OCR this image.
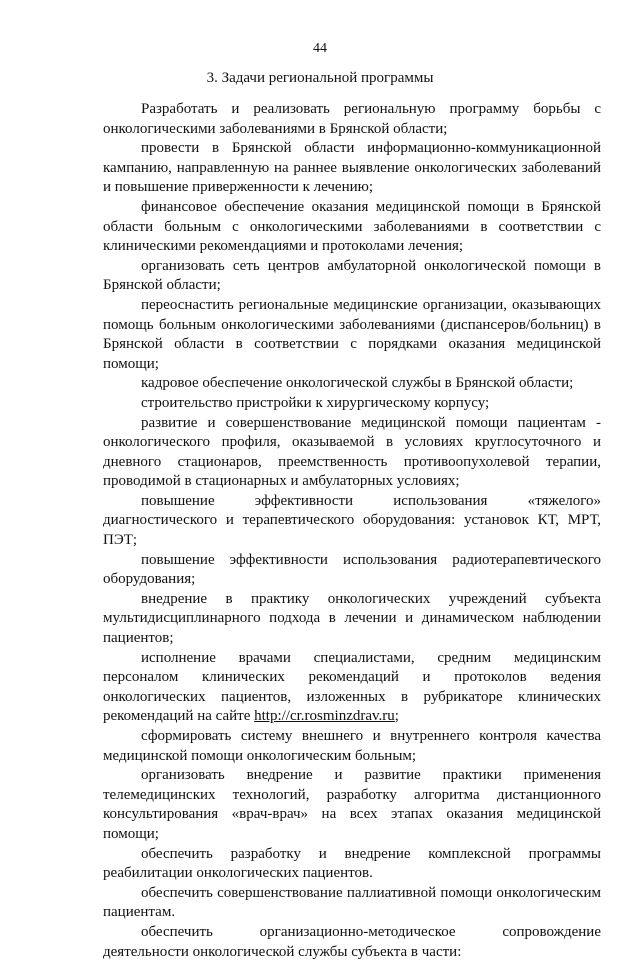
44
3. Задачи региональной программы

Разработать и реализовать региональную программу борьбы с онкологическими заболеваниями в Брянской области;

провести в Брянской области информационно-коммуникационной кампанию, направленную на раннее выявление онкологических заболеваний и повышение приверженности к лечению;

финансовое обеспечение оказания медицинской помощи в Брянской области больным с онкологическими заболеваниями в соответствии с клиническими рекомендациями и протоколами лечения;

организовать сеть центров амбулаторной онкологической помощи в Брянской области;

переоснастить региональные медицинские организации, оказывающих помощь больным онкологическими заболеваниями (диспансеров/больниц) в Брянской области в соответствии с порядками оказания медицинской помощи;

кадровое обеспечение онкологической службы в Брянской области;

строительство пристройки к хирургическому корпусу;

развитие и совершенствование медицинской помощи пациентам - онкологического профиля, оказываемой в условиях круглосуточного и дневного стационаров, преемственность противоопухолевой терапии, проводимой в стационарных и амбулаторных условиях;

повышение эффективности использования «тяжелого» диагностического и терапевтического оборудования: установок КТ, МРТ, ПЭТ;

повышение эффективности использования радиотерапевтического оборудования;

внедрение в практику онкологических учреждений субъекта мультидисциплинарного подхода в лечении и динамическом наблюдении пациентов;

исполнение врачами специалистами, средним медицинским персоналом клинических рекомендаций и протоколов ведения онкологических пациентов, изложенных в рубрикаторе клинических рекомендаций на сайте http://cr.rosminzdrav.ru;

сформировать систему внешнего и внутреннего контроля качества медицинской помощи онкологическим больным;

организовать внедрение и развитие практики применения телемедицинских технологий, разработку алгоритма дистанционного консультирования «врач-врач» на всех этапах оказания медицинской помощи;

обеспечить разработку и внедрение комплексной программы реабилитации онкологических пациентов.

обеспечить совершенствование паллиативной помощи онкологическим пациентам.

обеспечить организационно-методическое сопровождение деятельности онкологической службы субъекта в части:
